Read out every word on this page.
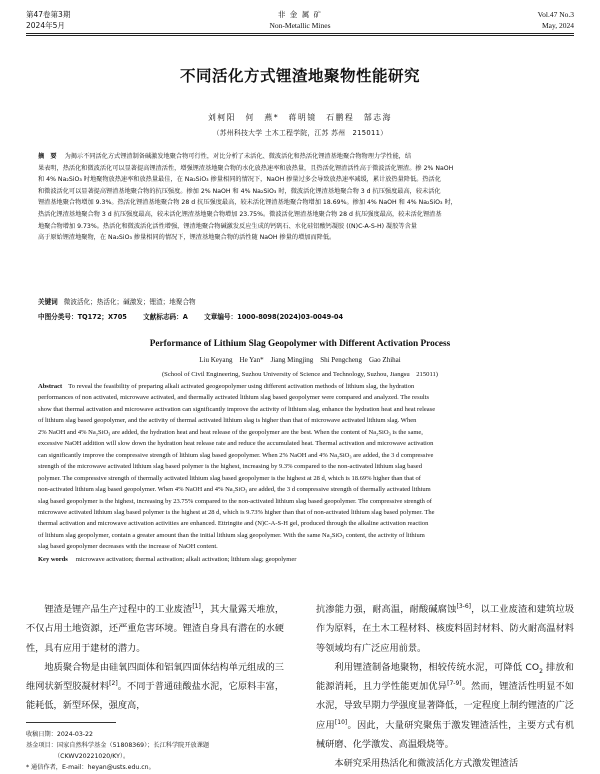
第47卷第3期
2024年5月
非 金 属 矿
Non-Metallic Mines
Vol.47 No.3
May, 2024
不同活化方式锂渣地聚物性能研究
刘柯阳　何　燕*　蒋明镜　石鹏程　郜志海
（苏州科技大学 土木工程学院，江苏 苏州　215011）
摘　要 为揭示不同活化方式锂渣制备碱激发地聚合物可行性，对比分析了未活化、微波活化和热活化锂渣基地聚合物物理力学性能，结
果表明，热活化和微波活化可以显著提高锂渣活性，增强锂渣基地聚合物的水化放热速率和放热量，且热活化锂渣活性高于微波活化锂渣。掺 2% NaOH
和 4% Na₂SiO₃ 时地聚物放热速率和放热量最佳，在 Na₂SiO₃ 掺量相同的情况下，NaOH 掺量过多会导致放热速率减缓，累计放热量降低。热活化
和微波活化可以显著提高锂渣基地聚合物的抗压强度。掺加 2% NaOH 和 4% Na₂SiO₃ 时，微波活化锂渣基地聚合物 3 d 抗压强度最高，较未活化
锂渣基地聚合物增加 9.3%。热活化锂渣基地聚合物 28 d 抗压强度最高，较未活化锂渣基地聚合物增加 18.69%。掺加 4% NaOH 和 4% Na₂SiO₃ 时，
热活化锂渣基地聚合物 3 d 抗压强度最高，较未活化锂渣基地聚合物增加 23.75%。微波活化锂渣基地聚合物 28 d 抗压强度最高，较未活化锂渣基
地聚合物增加 9.73%。热活化和微波活化活性增强，锂渣地聚合物碱激发反应生成的钙矾石、水化硅铝酸钙凝胶 ((N)C-A-S-H) 凝胶等含量
高于原始锂渣地聚物，在 Na₂SiO₃ 掺量相同的情况下，锂渣基地聚合物的活性随 NaOH 掺量的增加而降低。
关键词 微波活化；热活化；碱激发；锂渣；地聚合物
中图分类号：TQ172；X705 文献标志码：A 文章编号：1000-8098(2024)03-0049-04
Performance of Lithium Slag Geopolymer with Different Activation Process
Liu Keyang　He Yan*　Jiang Mingjing　Shi Pengcheng　Gao Zhihai
(School of Civil Engineering, Suzhou University of Science and Technology, Suzhou, Jiangsu　215011)
Abstract To reveal the feasibility of preparing alkali activated geogeopolymer using different activation methods of lithium slag, the hydration
performances of non activated, microwave activated, and thermally activated lithium slag based geopolymer were compared and analyzed. The results
show that thermal activation and microwave activation can significantly improve the activity of lithium slag, enhance the hydration heat and heat release
of lithium slag based geopolymer, and the activity of thermal activated lithium slag is higher than that of microwave activated lithium slag. When
2% NaOH and 4% Na₂SiO₃ are added, the hydration heat and heat release of the geopolymer are the best. When the content of Na₂SiO₃ is the same,
excessive NaOH addition will slow down the hydration heat release rate and reduce the accumulated heat. Thermal activation and microwave activation
can significantly improve the compressive strength of lithium slag based geopolymer. When 2% NaOH and 4% Na₂SiO₃ are added, the 3 d compressive
strength of the microwave activated lithium slag based polymer is the highest, increasing by 9.3% compared to the non-activated lithium slag based
polymer. The compressive strength of thermally activated lithium slag based geopolymer is the highest at 28 d, which is 18.69% higher than that of
non-activated lithium slag based geopolymer. When 4% NaOH and 4% Na₂SiO₃ are added, the 3 d compressive strength of thermally activated lithium
slag based geopolymer is the highest, increasing by 23.75% compared to the non-activated lithium slag based geopolymer. The compressive strength of
microwave activated lithium slag based polymer is the highest at 28 d, which is 9.73% higher than that of non-activated lithium slag based polymer. The
thermal activation and microwave activation activities are enhanced. Ettringite and (N)C-A-S-H gel, produced through the alkaline activation reaction
of lithium slag geopolymer, contain a greater amount than the initial lithium slag geopolymer. With the same Na₂SiO₃ content, the activity of lithium
slag based geopolymer decreases with the increase of NaOH content.
Key words microwave activation; thermal activation; alkali activation; lithium slag; geopolymer

锂渣是锂产品生产过程中的工业废渣[1]，其大量露天堆放，不仅占用土地资源，还严重危害环境。锂渣自身具有潜在的水硬性，具有应用于建材的潜力。

地质聚合物是由硅氧四面体和铝氧四面体结构单元组成的三维网状新型胶凝材料[2]。不同于普通硅酸盐水泥，它原料丰富，能耗低，新型环保，强度高，

收稿日期：2024-03-22
基金项目：国家自然科学基金（51808369）；长江科学院开放课题
（CKWV20221020/KY）。
* 通信作者，E-mail：heyan@usts.edu.cn。

抗渗能力强，耐高温，耐酸碱腐蚀[3-6]，以工业废渣和建筑垃圾作为原料，在土木工程材料、核废料固封材料、防火耐高温材料等领域均有广泛应用前景。

利用锂渣制备地聚物，相较传统水泥，可降低 $CO_2$ 排放和能源消耗，且力学性能更加优异[7-9]。然而，锂渣活性明显不如水泥，导致早期力学强度显著降低，一定程度上制约锂渣的广泛应用[10]。因此，大量研究聚焦于激发锂渣活性，主要方式有机械研磨、化学激发、高温煅烧等。

本研究采用热活化和微波活化方式激发锂渣活
